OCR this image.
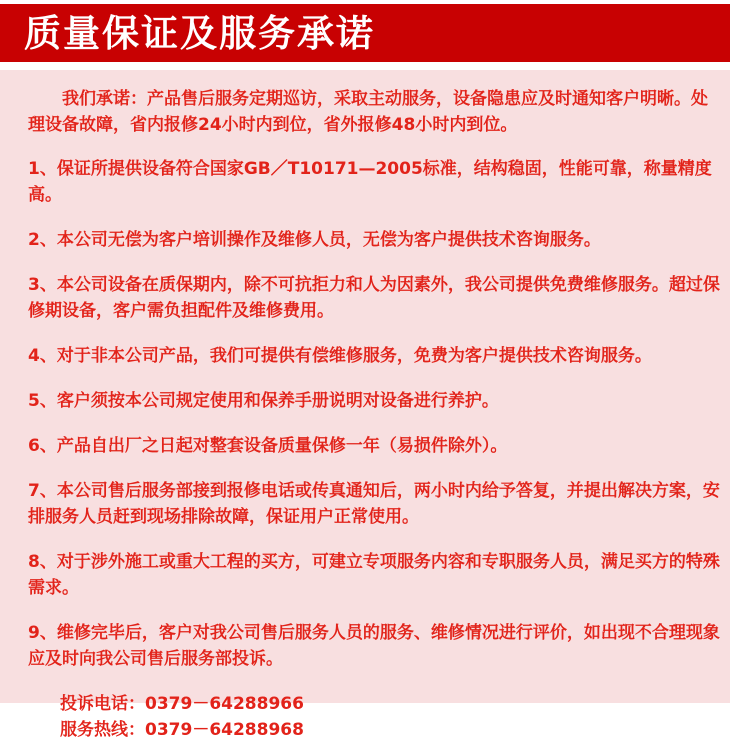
质量保证及服务承诺

我们承诺：产品售后服务定期巡访，采取主动服务，设备隐患应及时通知客户明晰。处理设备故障，省内报修24小时内到位，省外报修48小时内到位。

1、保证所提供设备符合国家GB／T10171—2005标准，结构稳固，性能可靠，称量精度高。

2、本公司无偿为客户培训操作及维修人员，无偿为客户提供技术咨询服务。

3、本公司设备在质保期内，除不可抗拒力和人为因素外，我公司提供免费维修服务。超过保修期设备，客户需负担配件及维修费用。

4、对于非本公司产品，我们可提供有偿维修服务，免费为客户提供技术咨询服务。

5、客户须按本公司规定使用和保养手册说明对设备进行养护。

6、产品自出厂之日起对整套设备质量保修一年（易损件除外）。

7、本公司售后服务部接到报修电话或传真通知后，两小时内给予答复，并提出解决方案，安排服务人员赶到现场排除故障，保证用户正常使用。

8、对于涉外施工或重大工程的买方，可建立专项服务内容和专职服务人员，满足买方的特殊需求。

9、维修完毕后，客户对我公司售后服务人员的服务、维修情况进行评价，如出现不合理现象应及时向我公司售后服务部投诉。

投诉电话：0379－64288966
服务热线：0379－64288968
